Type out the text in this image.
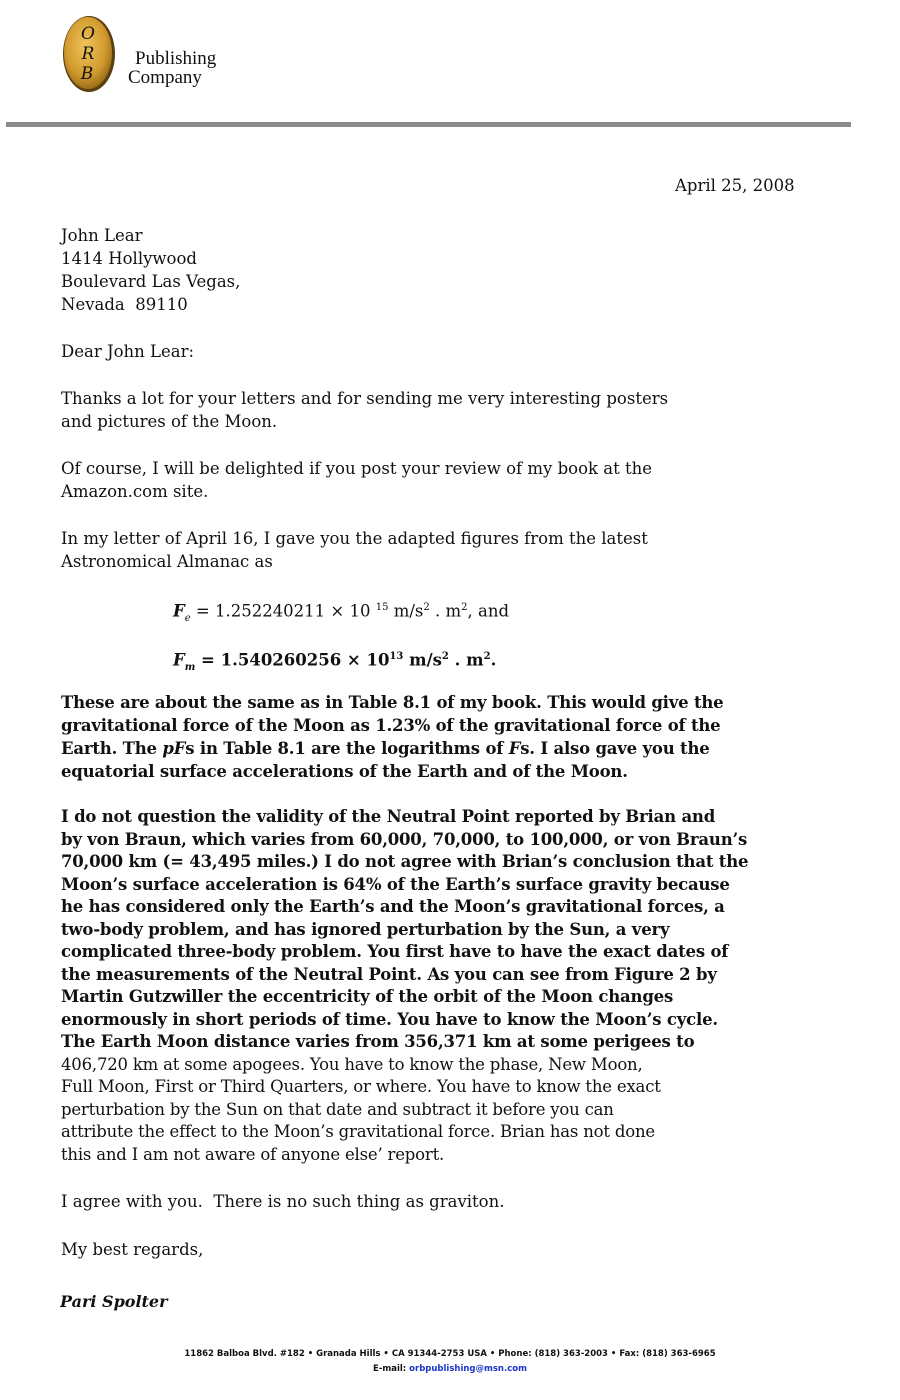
O
R
B
Publishing
Company
April 25, 2008
John Lear
1414 Hollywood
Boulevard Las Vegas,
Nevada  89110
Dear John Lear:
Thanks a lot for your letters and for sending me very interesting posters
and pictures of the Moon.
Of course, I will be delighted if you post your review of my book at the
Amazon.com site.
In my letter of April 16, I gave you the adapted figures from the latest
Astronomical Almanac as
$F_e = 1.252240211 \times 10$ $^{15}$ $m/s^2$ . $m^2$, and
$F_m = 1.540260256 \times 10^{13}$ $m/s^2$ . $m^2$.
These are about the same as in Table 8.1 of my book. This would give the
gravitational force of the Moon as 1.23% of the gravitational force of the
Earth. The pFs in Table 8.1 are the logarithms of Fs. I also gave you the
equatorial surface accelerations of the Earth and of the Moon.
I do not question the validity of the Neutral Point reported by Brian and
by von Braun, which varies from 60,000, 70,000, to 100,000, or von Braun’s
70,000 km (= 43,495 miles.) I do not agree with Brian’s conclusion that the
Moon’s surface acceleration is 64% of the Earth’s surface gravity because
he has considered only the Earth’s and the Moon’s gravitational forces, a
two-body problem, and has ignored perturbation by the Sun, a very
complicated three-body problem. You first have to have the exact dates of
the measurements of the Neutral Point. As you can see from Figure 2 by
Martin Gutzwiller the eccentricity of the orbit of the Moon changes
enormously in short periods of time. You have to know the Moon’s cycle.
The Earth Moon distance varies from 356,371 km at some perigees to
406,720 km at some apogees. You have to know the phase, New Moon,
Full Moon, First or Third Quarters, or where. You have to know the exact
perturbation by the Sun on that date and subtract it before you can
attribute the effect to the Moon’s gravitational force. Brian has not done
this and I am not aware of anyone else’ report.
I agree with you.  There is no such thing as graviton.
My best regards,
Pari Spolter
11862 Balboa Blvd. #182 • Granada Hills • CA 91344-2753 USA • Phone: (818) 363-2003 • Fax: (818) 363-6965
E-mail: orbpublishing@msn.com
